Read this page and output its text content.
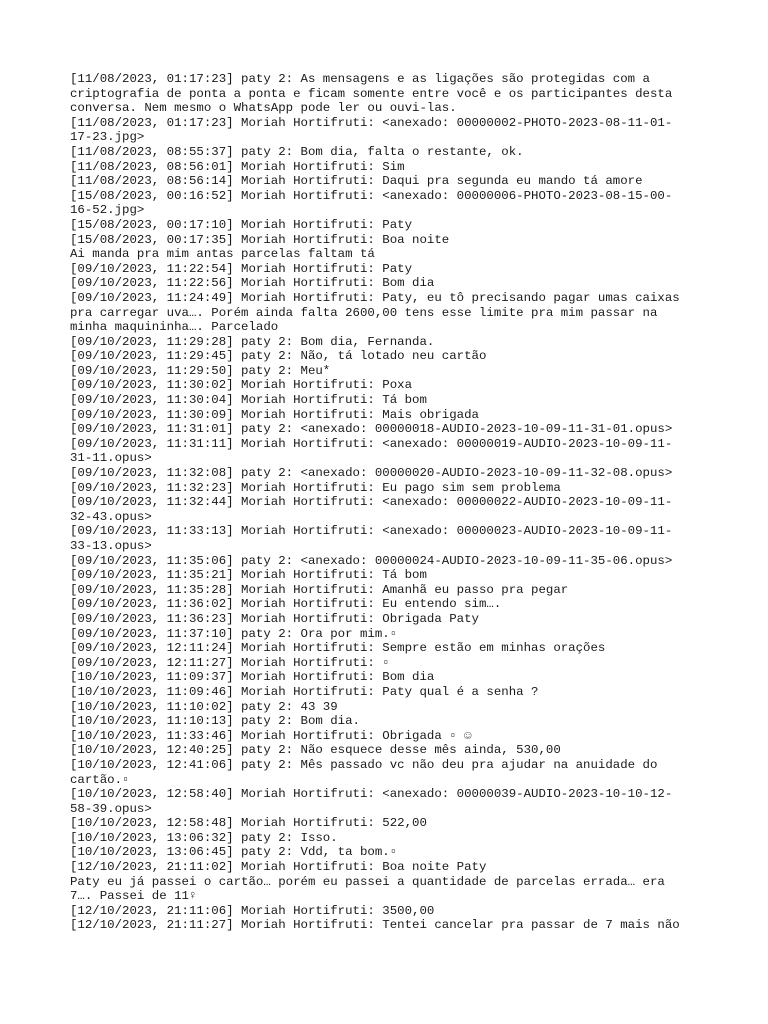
[11/08/2023, 01:17:23] paty 2: As mensagens e as ligações são protegidas com a
criptografia de ponta a ponta e ficam somente entre você e os participantes desta
conversa. Nem mesmo o WhatsApp pode ler ou ouvi-las.
[11/08/2023, 01:17:23] Moriah Hortifruti: <anexado: 00000002-PHOTO-2023-08-11-01-
17-23.jpg>
[11/08/2023, 08:55:37] paty 2: Bom dia, falta o restante, ok.
[11/08/2023, 08:56:01] Moriah Hortifruti: Sim
[11/08/2023, 08:56:14] Moriah Hortifruti: Daqui pra segunda eu mando tá amore
[15/08/2023, 00:16:52] Moriah Hortifruti: <anexado: 00000006-PHOTO-2023-08-15-00-
16-52.jpg>
[15/08/2023, 00:17:10] Moriah Hortifruti: Paty
[15/08/2023, 00:17:35] Moriah Hortifruti: Boa noite
Ai manda pra mim antas parcelas faltam tá
[09/10/2023, 11:22:54] Moriah Hortifruti: Paty
[09/10/2023, 11:22:56] Moriah Hortifruti: Bom dia
[09/10/2023, 11:24:49] Moriah Hortifruti: Paty, eu tô precisando pagar umas caixas
pra carregar uva…. Porém ainda falta 2600,00 tens esse limite pra mim passar na
minha maquininha…. Parcelado
[09/10/2023, 11:29:28] paty 2: Bom dia, Fernanda.
[09/10/2023, 11:29:45] paty 2: Não, tá lotado neu cartão
[09/10/2023, 11:29:50] paty 2: Meu*
[09/10/2023, 11:30:02] Moriah Hortifruti: Poxa
[09/10/2023, 11:30:04] Moriah Hortifruti: Tá bom
[09/10/2023, 11:30:09] Moriah Hortifruti: Mais obrigada
[09/10/2023, 11:31:01] paty 2: <anexado: 00000018-AUDIO-2023-10-09-11-31-01.opus>
[09/10/2023, 11:31:11] Moriah Hortifruti: <anexado: 00000019-AUDIO-2023-10-09-11-
31-11.opus>
[09/10/2023, 11:32:08] paty 2: <anexado: 00000020-AUDIO-2023-10-09-11-32-08.opus>
[09/10/2023, 11:32:23] Moriah Hortifruti: Eu pago sim sem problema
[09/10/2023, 11:32:44] Moriah Hortifruti: <anexado: 00000022-AUDIO-2023-10-09-11-
32-43.opus>
[09/10/2023, 11:33:13] Moriah Hortifruti: <anexado: 00000023-AUDIO-2023-10-09-11-
33-13.opus>
[09/10/2023, 11:35:06] paty 2: <anexado: 00000024-AUDIO-2023-10-09-11-35-06.opus>
[09/10/2023, 11:35:21] Moriah Hortifruti: Tá bom
[09/10/2023, 11:35:28] Moriah Hortifruti: Amanhã eu passo pra pegar
[09/10/2023, 11:36:02] Moriah Hortifruti: Eu entendo sim….
[09/10/2023, 11:36:23] Moriah Hortifruti: Obrigada Paty
[09/10/2023, 11:37:10] paty 2: Ora por mim.▫
[09/10/2023, 12:11:24] Moriah Hortifruti: Sempre estão em minhas orações
[09/10/2023, 12:11:27] Moriah Hortifruti: ▫
[10/10/2023, 11:09:37] Moriah Hortifruti: Bom dia
[10/10/2023, 11:09:46] Moriah Hortifruti: Paty qual é a senha ?
[10/10/2023, 11:10:02] paty 2: 43 39
[10/10/2023, 11:10:13] paty 2: Bom dia.
[10/10/2023, 11:33:46] Moriah Hortifruti: Obrigada ▫ ☺
[10/10/2023, 12:40:25] paty 2: Não esquece desse mês ainda, 530,00
[10/10/2023, 12:41:06] paty 2: Mês passado vc não deu pra ajudar na anuidade do
cartão.▫
[10/10/2023, 12:58:40] Moriah Hortifruti: <anexado: 00000039-AUDIO-2023-10-10-12-
58-39.opus>
[10/10/2023, 12:58:48] Moriah Hortifruti: 522,00
[10/10/2023, 13:06:32] paty 2: Isso.
[10/10/2023, 13:06:45] paty 2: Vdd, ta bom.▫
[12/10/2023, 21:11:02] Moriah Hortifruti: Boa noite Paty
Paty eu já passei o cartão… porém eu passei a quantidade de parcelas errada… era
7…. Passei de 11♀
[12/10/2023, 21:11:06] Moriah Hortifruti: 3500,00
[12/10/2023, 21:11:27] Moriah Hortifruti: Tentei cancelar pra passar de 7 mais não
